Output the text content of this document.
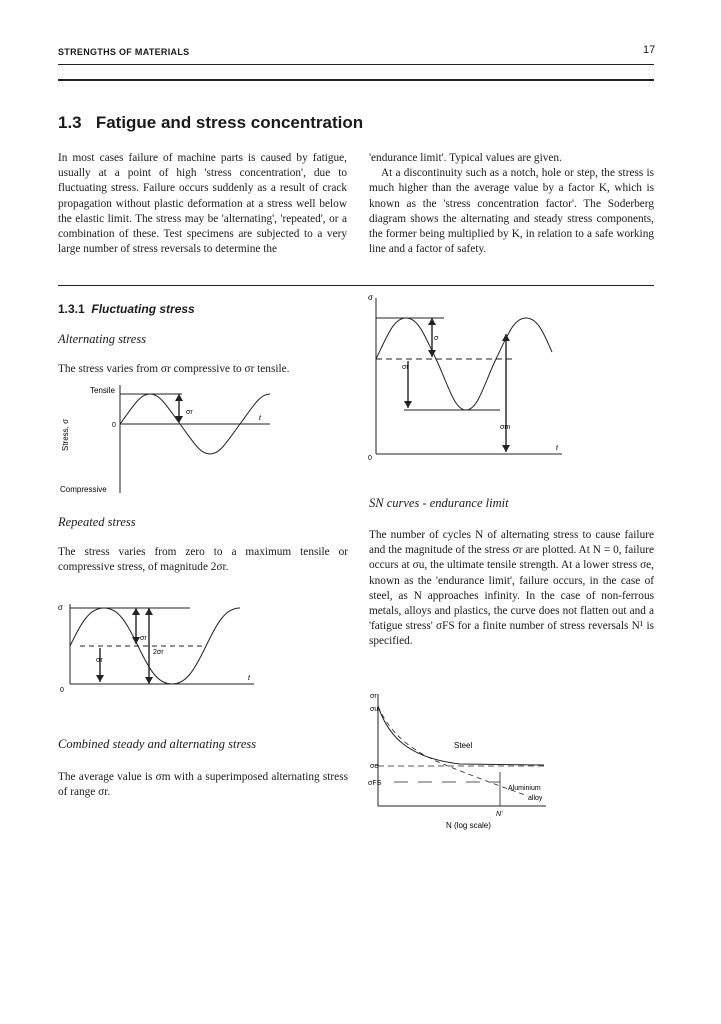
STRENGTHS OF MATERIALS	17
1.3 Fatigue and stress concentration

In most cases failure of machine parts is caused by fatigue, usually at a point of high 'stress concentration', due to fluctuating stress. Failure occurs suddenly as a result of crack propagation without plastic deformation at a stress well below the elastic limit. The stress may be 'alternating', 'repeated', or a combination of these. Test specimens are subjected to a very large number of stress reversals to determine the

'endurance limit'. Typical values are given.

At a discontinuity such as a notch, hole or step, the stress is much higher than the average value by a factor K, which is known as the 'stress concentration factor'. The Soderberg diagram shows the alternating and steady stress components, the former being multiplied by K, in relation to a safe working line and a factor of safety.

1.3.1 Fluctuating stress
Alternating stress
The stress varies from σr compressive to σr tensile.
Tensile
Compressive
Stress, σ	0
t
σr
Repeated stress
The stress varies from zero to a maximum tensile or compressive stress, of magnitude 2σr.
σ
0
t
σr
σr
2σr
Combined steady and alternating stress
The average value is σm with a superimposed alternating stress of range σr.
σ
0
t
σ
σr
σm
SN curves - endurance limit
The number of cycles N of alternating stress to cause failure and the magnitude of the stress σr are plotted. At N = 0, failure occurs at σu, the ultimate tensile strength. At a lower stress σe, known as the 'endurance limit', failure occurs, in the case of steel, as N approaches infinity. In the case of non-ferrous metals, alloys and plastics, the curve does not flatten out and a 'fatigue stress' σFS for a finite number of stress reversals N¹ is specified.
σr
σu
σe
σFS
Steel
Aluminium
alloy
N'
N (log scale)
